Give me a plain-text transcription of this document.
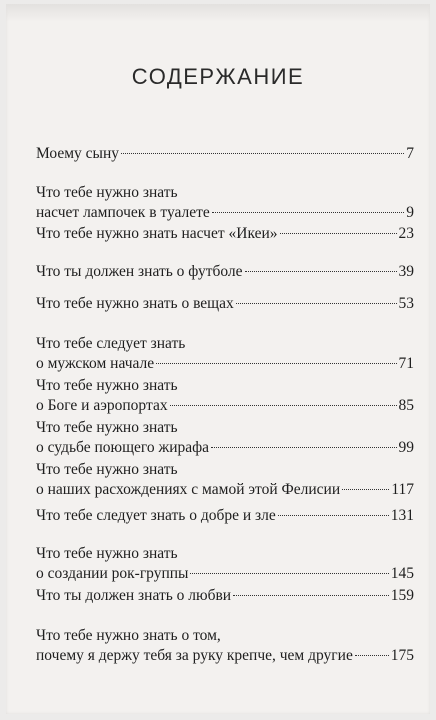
СОДЕРЖАНИЕ
Моему сыну	7
Что тебе нужно знать
насчет лампочек в туалете	9
Что тебе нужно знать насчет «Икеи»	23
Что ты должен знать о футболе	39
Что тебе нужно знать о вещах	53
Что тебе следует знать
о мужском начале	71
Что тебе нужно знать
о Боге и аэропортах	85
Что тебе нужно знать
о судьбе поющего жирафа	99
Что тебе нужно знать
о наших расхождениях с мамой этой Фелисии	117
Что тебе следует знать о добре и зле	131
Что тебе нужно знать
о создании рок-группы	145
Что ты должен знать о любви	159
Что тебе нужно знать о том,
почему я держу тебя за руку крепче, чем другие 175
